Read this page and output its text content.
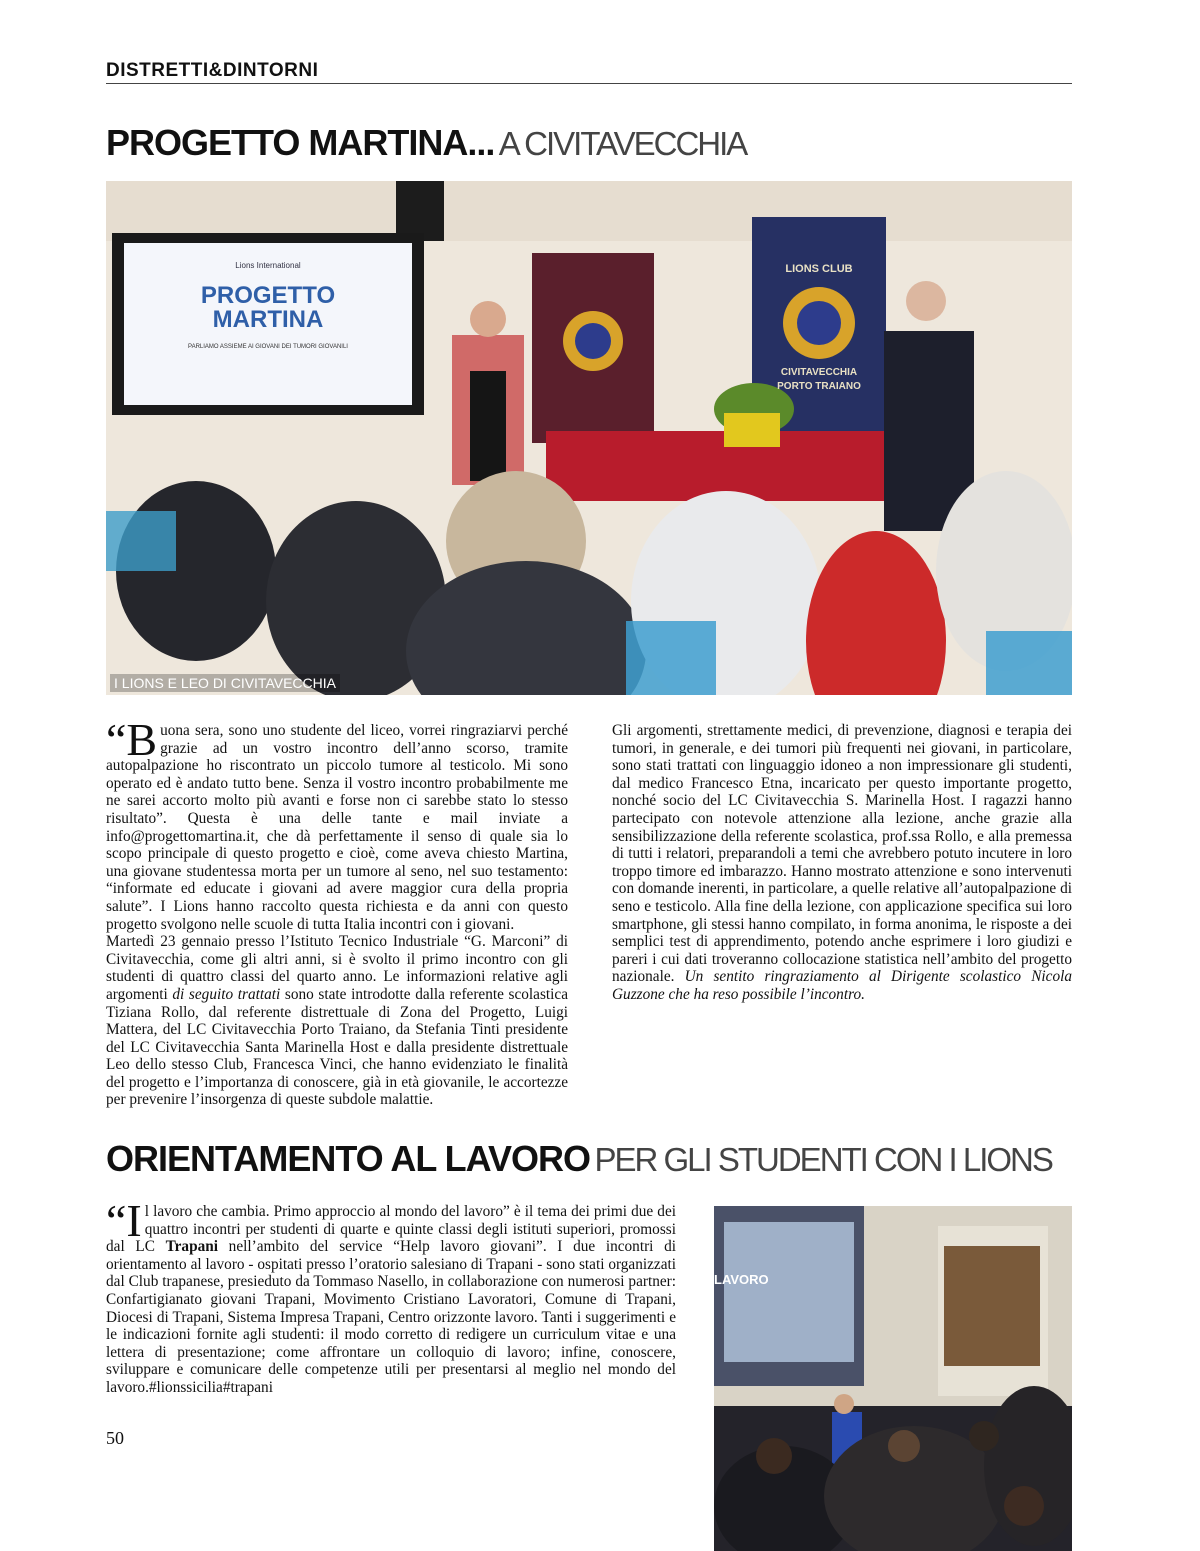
DISTRETTI&DINTORNI
PROGETTO MARTINA... A CIVITAVECCHIA
Lions International
PROGETTO
MARTINA
PARLIAMO ASSIEME AI GIOVANI DEI TUMORI GIOVANILI
LIONS CLUB
CIVITAVECCHIA
PORTO TRAIANO
I LIONS E LEO DI CIVITAVECCHIA

“B uona sera, sono uno studente del liceo, vorrei ringraziarvi perché grazie ad un vostro incontro dell’anno scorso, tramite autopalpazione ho riscontrato un piccolo tumore al testicolo. Mi sono operato ed è andato tutto bene. Senza il vostro incontro probabilmente me ne sarei accorto molto più avanti e forse non ci sarebbe stato lo stesso risultato”. Questa è una delle tante e mail inviate a info@progettomartina.it, che dà perfettamente il senso di quale sia lo scopo principale di questo progetto e cioè, come aveva chiesto Martina, una giovane studentessa morta per un tumore al seno, nel suo testamento: “informate ed educate i giovani ad avere maggior cura della propria salute”. I Lions hanno raccolto questa richiesta e da anni con questo progetto svolgono nelle scuole di tutta Italia incontri con i giovani.

Martedì 23 gennaio presso l’Istituto Tecnico Industriale “G. Marconi” di Civitavecchia, come gli altri anni, si è svolto il primo incontro con gli studenti di quattro classi del quarto anno. Le informazioni relative agli argomenti di seguito trattati sono state introdotte dalla referente scolastica Tiziana Rollo, dal referente distrettuale di Zona del Progetto, Luigi Mattera, del LC Civitavecchia Porto Traiano, da Stefania Tinti presidente del LC Civitavecchia Santa Marinella Host e dalla presidente distrettuale Leo dello stesso Club, Francesca Vinci, che hanno evidenziato le finalità del progetto e l’importanza di conoscere, già in età giovanile, le accortezze per prevenire l’insorgenza di queste subdole malattie.

Gli argomenti, strettamente medici, di prevenzione, diagnosi e terapia dei tumori, in generale, e dei tumori più frequenti nei giovani, in particolare, sono stati trattati con linguaggio idoneo a non impressionare gli studenti, dal medico Francesco Etna, incaricato per questo importante progetto, nonché socio del LC Civitavecchia S. Marinella Host. I ragazzi hanno partecipato con notevole attenzione alla lezione, anche grazie alla sensibilizzazione della referente scolastica, prof.ssa Rollo, e alla premessa di tutti i relatori, preparandoli a temi che avrebbero potuto incutere in loro troppo timore ed imbarazzo. Hanno mostrato attenzione e sono intervenuti con domande inerenti, in particolare, a quelle relative all’autopalpazione di seno e testicolo. Alla fine della lezione, con applicazione specifica sui loro smartphone, gli stessi hanno compilato, in forma anonima, le risposte a dei semplici test di apprendimento, potendo anche esprimere i loro giudizi e pareri i cui dati troveranno collocazione statistica nell’ambito del progetto nazionale. Un sentito ringraziamento al Dirigente scolastico Nicola Guzzone che ha reso possibile l’incontro.

ORIENTAMENTO AL LAVORO PER GLI STUDENTI CON I LIONS

“I l lavoro che cambia. Primo approccio al mondo del lavoro” è il tema dei primi due dei quattro incontri per studenti di quarte e quinte classi degli istituti superiori, promossi dal LC Trapani nell’ambito del service “Help lavoro giovani”. I due incontri di orientamento al lavoro - ospitati presso l’oratorio salesiano di Trapani - sono stati organizzati dal Club trapanese, presieduto da Tommaso Nasello, in collaborazione con numerosi partner: Confartigianato giovani Trapani, Movimento Cristiano Lavoratori, Comune di Trapani, Diocesi di Trapani, Sistema Impresa Trapani, Centro orizzonte lavoro. Tanti i suggerimenti e le indicazioni fornite agli studenti: il modo corretto di redigere un curriculum vitae e una lettera di presentazione; come affrontare un colloquio di lavoro; infine, conoscere, sviluppare e comunicare delle competenze utili per presentarsi al meglio nel mondo del lavoro.#lionssicilia#trapani

LAVORO
50
